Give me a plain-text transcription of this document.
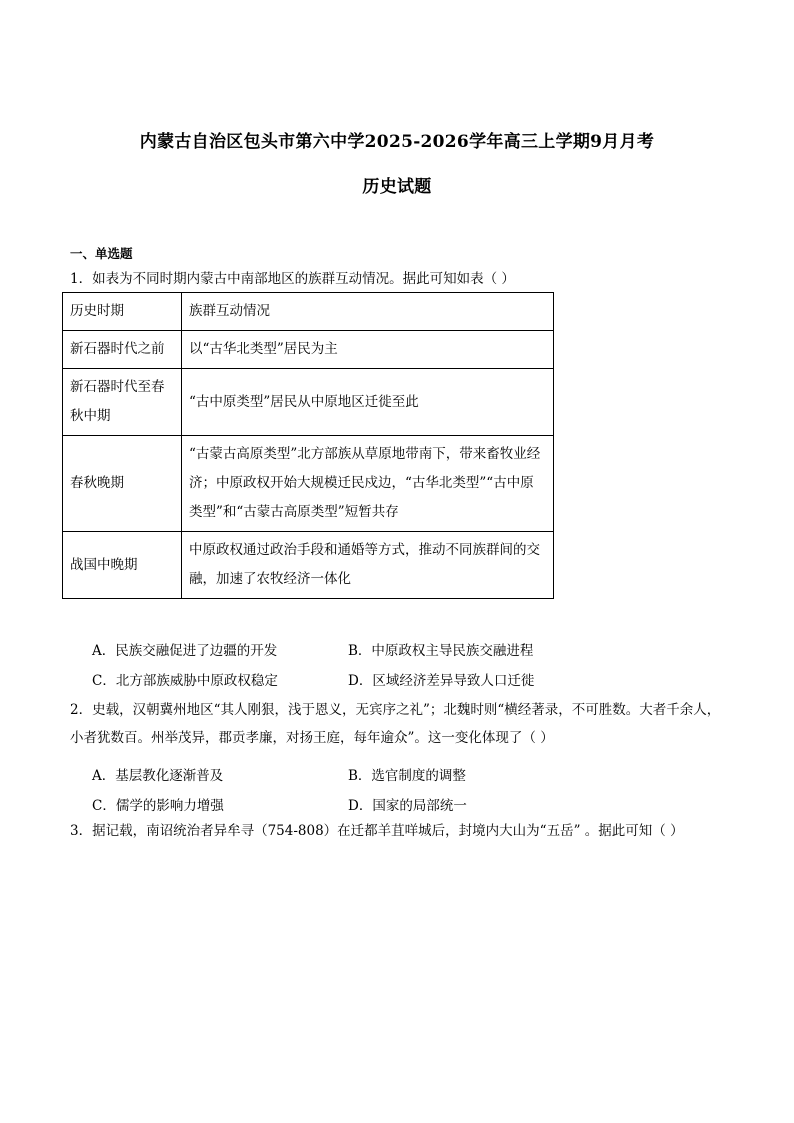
内蒙古自治区包头市第六中学2025-2026学年高三上学期9月月考
历史试题
一、单选题
1．如表为不同时期内蒙古中南部地区的族群互动情况。据此可知如表（ ）
历史时期	族群互动情况
新石器时代之前	以“古华北类型”居民为主
新石器时代至春秋中期	“古中原类型”居民从中原地区迁徙至此
春秋晚期	“古蒙古高原类型”北方部族从草原地带南下，带来畜牧业经济；中原政权开始大规模迁民戍边，“古华北类型”“古中原类型”和“古蒙古高原类型”短暂共存
战国中晚期	中原政权通过政治手段和通婚等方式，推动不同族群间的交融，加速了农牧经济一体化
A．民族交融促进了边疆的开发	B．中原政权主导民族交融进程
C．北方部族威胁中原政权稳定	D．区域经济差异导致人口迁徙
2．史载，汉朝冀州地区“其人刚狠，浅于恩义，无宾序之礼”；北魏时则“横经著录，不可胜数。大者千余人，小者犹数百。州举茂异，郡贡孝廉，对扬王庭，每年逾众”。这一变化体现了（ ）
A．基层教化逐渐普及	B．选官制度的调整
C．儒学的影响力增强	D．国家的局部统一
3．据记载，南诏统治者异牟寻（754-808）在迁都羊苴咩城后，封境内大山为“五岳” 。据此可知（ ）
